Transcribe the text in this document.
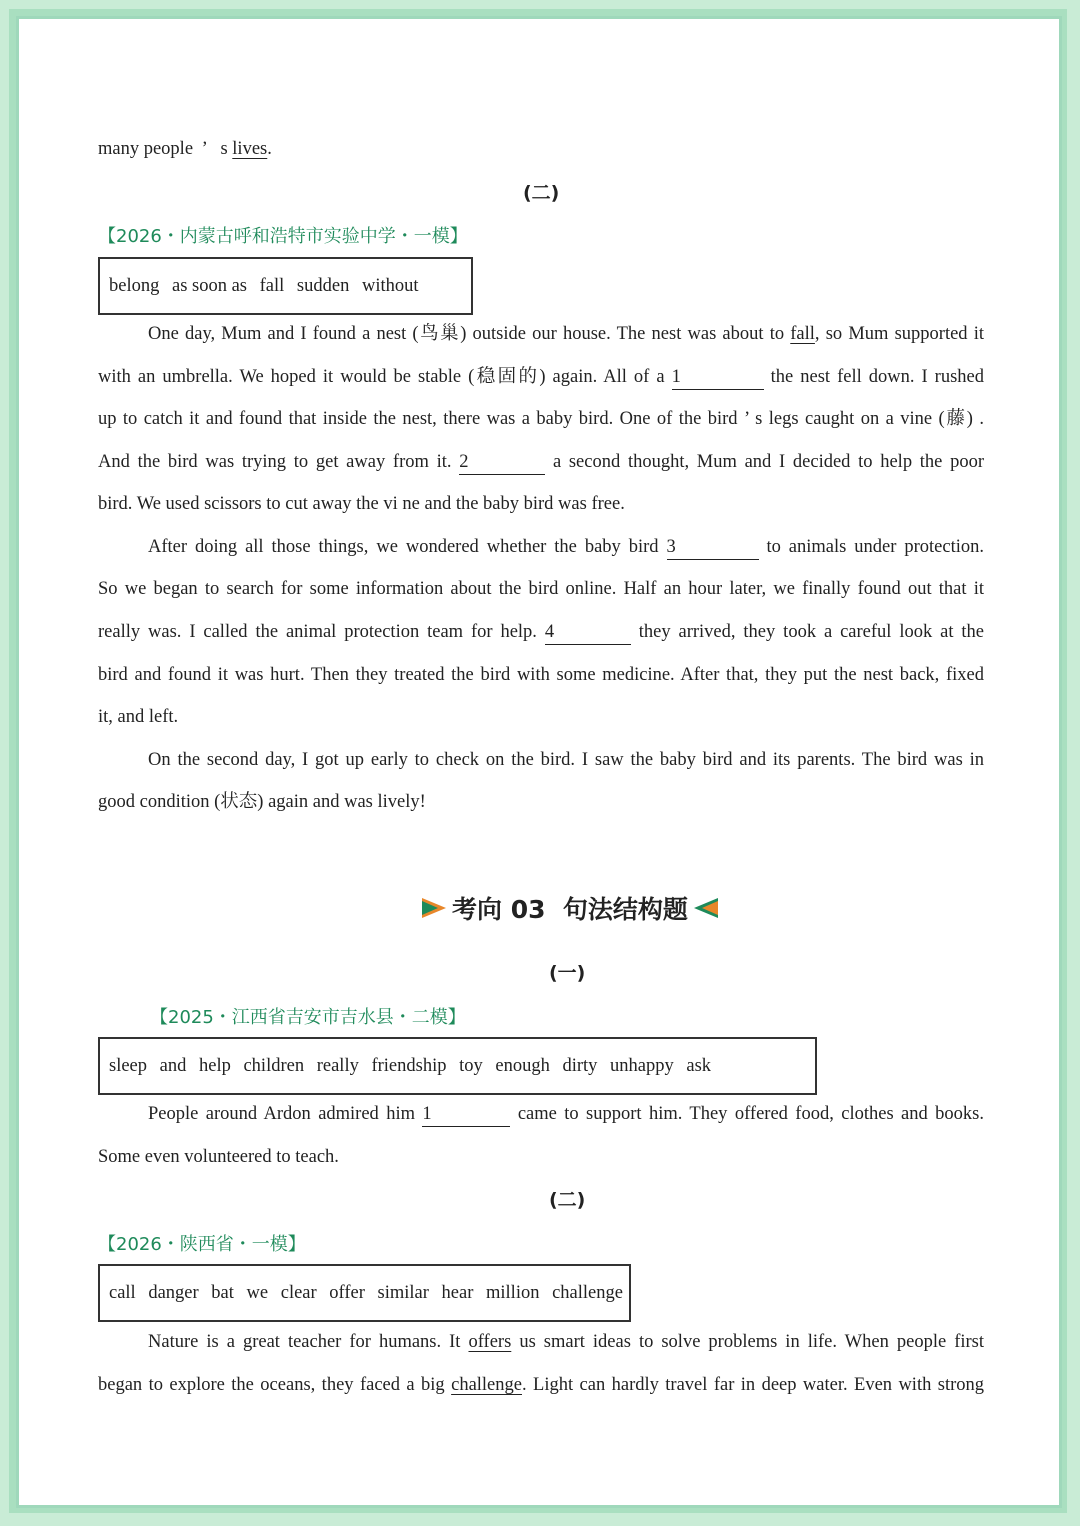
many people ’ s lives.
(二)
【2026・内蒙古呼和浩特市实验中学・一模】
belong as soon as fall sudden without
One day, Mum and I found a nest (鸟巢) outside our house. The nest was about to fall, so Mum supported it
with an umbrella. We hoped it would be stable (稳固的) again. All of a 1	the nest fell down. I rushed
up to catch it and found that inside the nest, there was a baby bird. One of the bird ’ s legs caught on a vine (藤) .
And the bird was trying to get away from it. 2	a second thought, Mum and I decided to help the poor
bird. We used scissors to cut away the vi ne and the baby bird was free.
After doing all those things, we wondered whether the baby bird 3	to animals under protection.
So we began to search for some information about the bird online. Half an hour later, we finally found out that it
really was. I called the animal protection team for help. 4	they arrived, they took a careful look at the
bird and found it was hurt. Then they treated the bird with some medicine. After that, they put the nest back, fixed
it, and left.
On the second day, I got up early to check on the bird. I saw the baby bird and its parents. The bird was in
good condition (状态) again and was lively!
考向 03  句法结构题
(一)
【2025・江西省吉安市吉水县・二模】
sleep and help children really friendship toy enough dirty unhappy ask
People around Ardon admired him 1	came to support him. They offered food, clothes and books.
Some even volunteered to teach.
(二)
【2026・陕西省・一模】
call danger bat we clear offer similar hear million challenge
Nature is a great teacher for humans. It offers us smart ideas to solve problems in life. When people first
began to explore the oceans, they faced a big challenge. Light can hardly travel far in deep water. Even with strong
